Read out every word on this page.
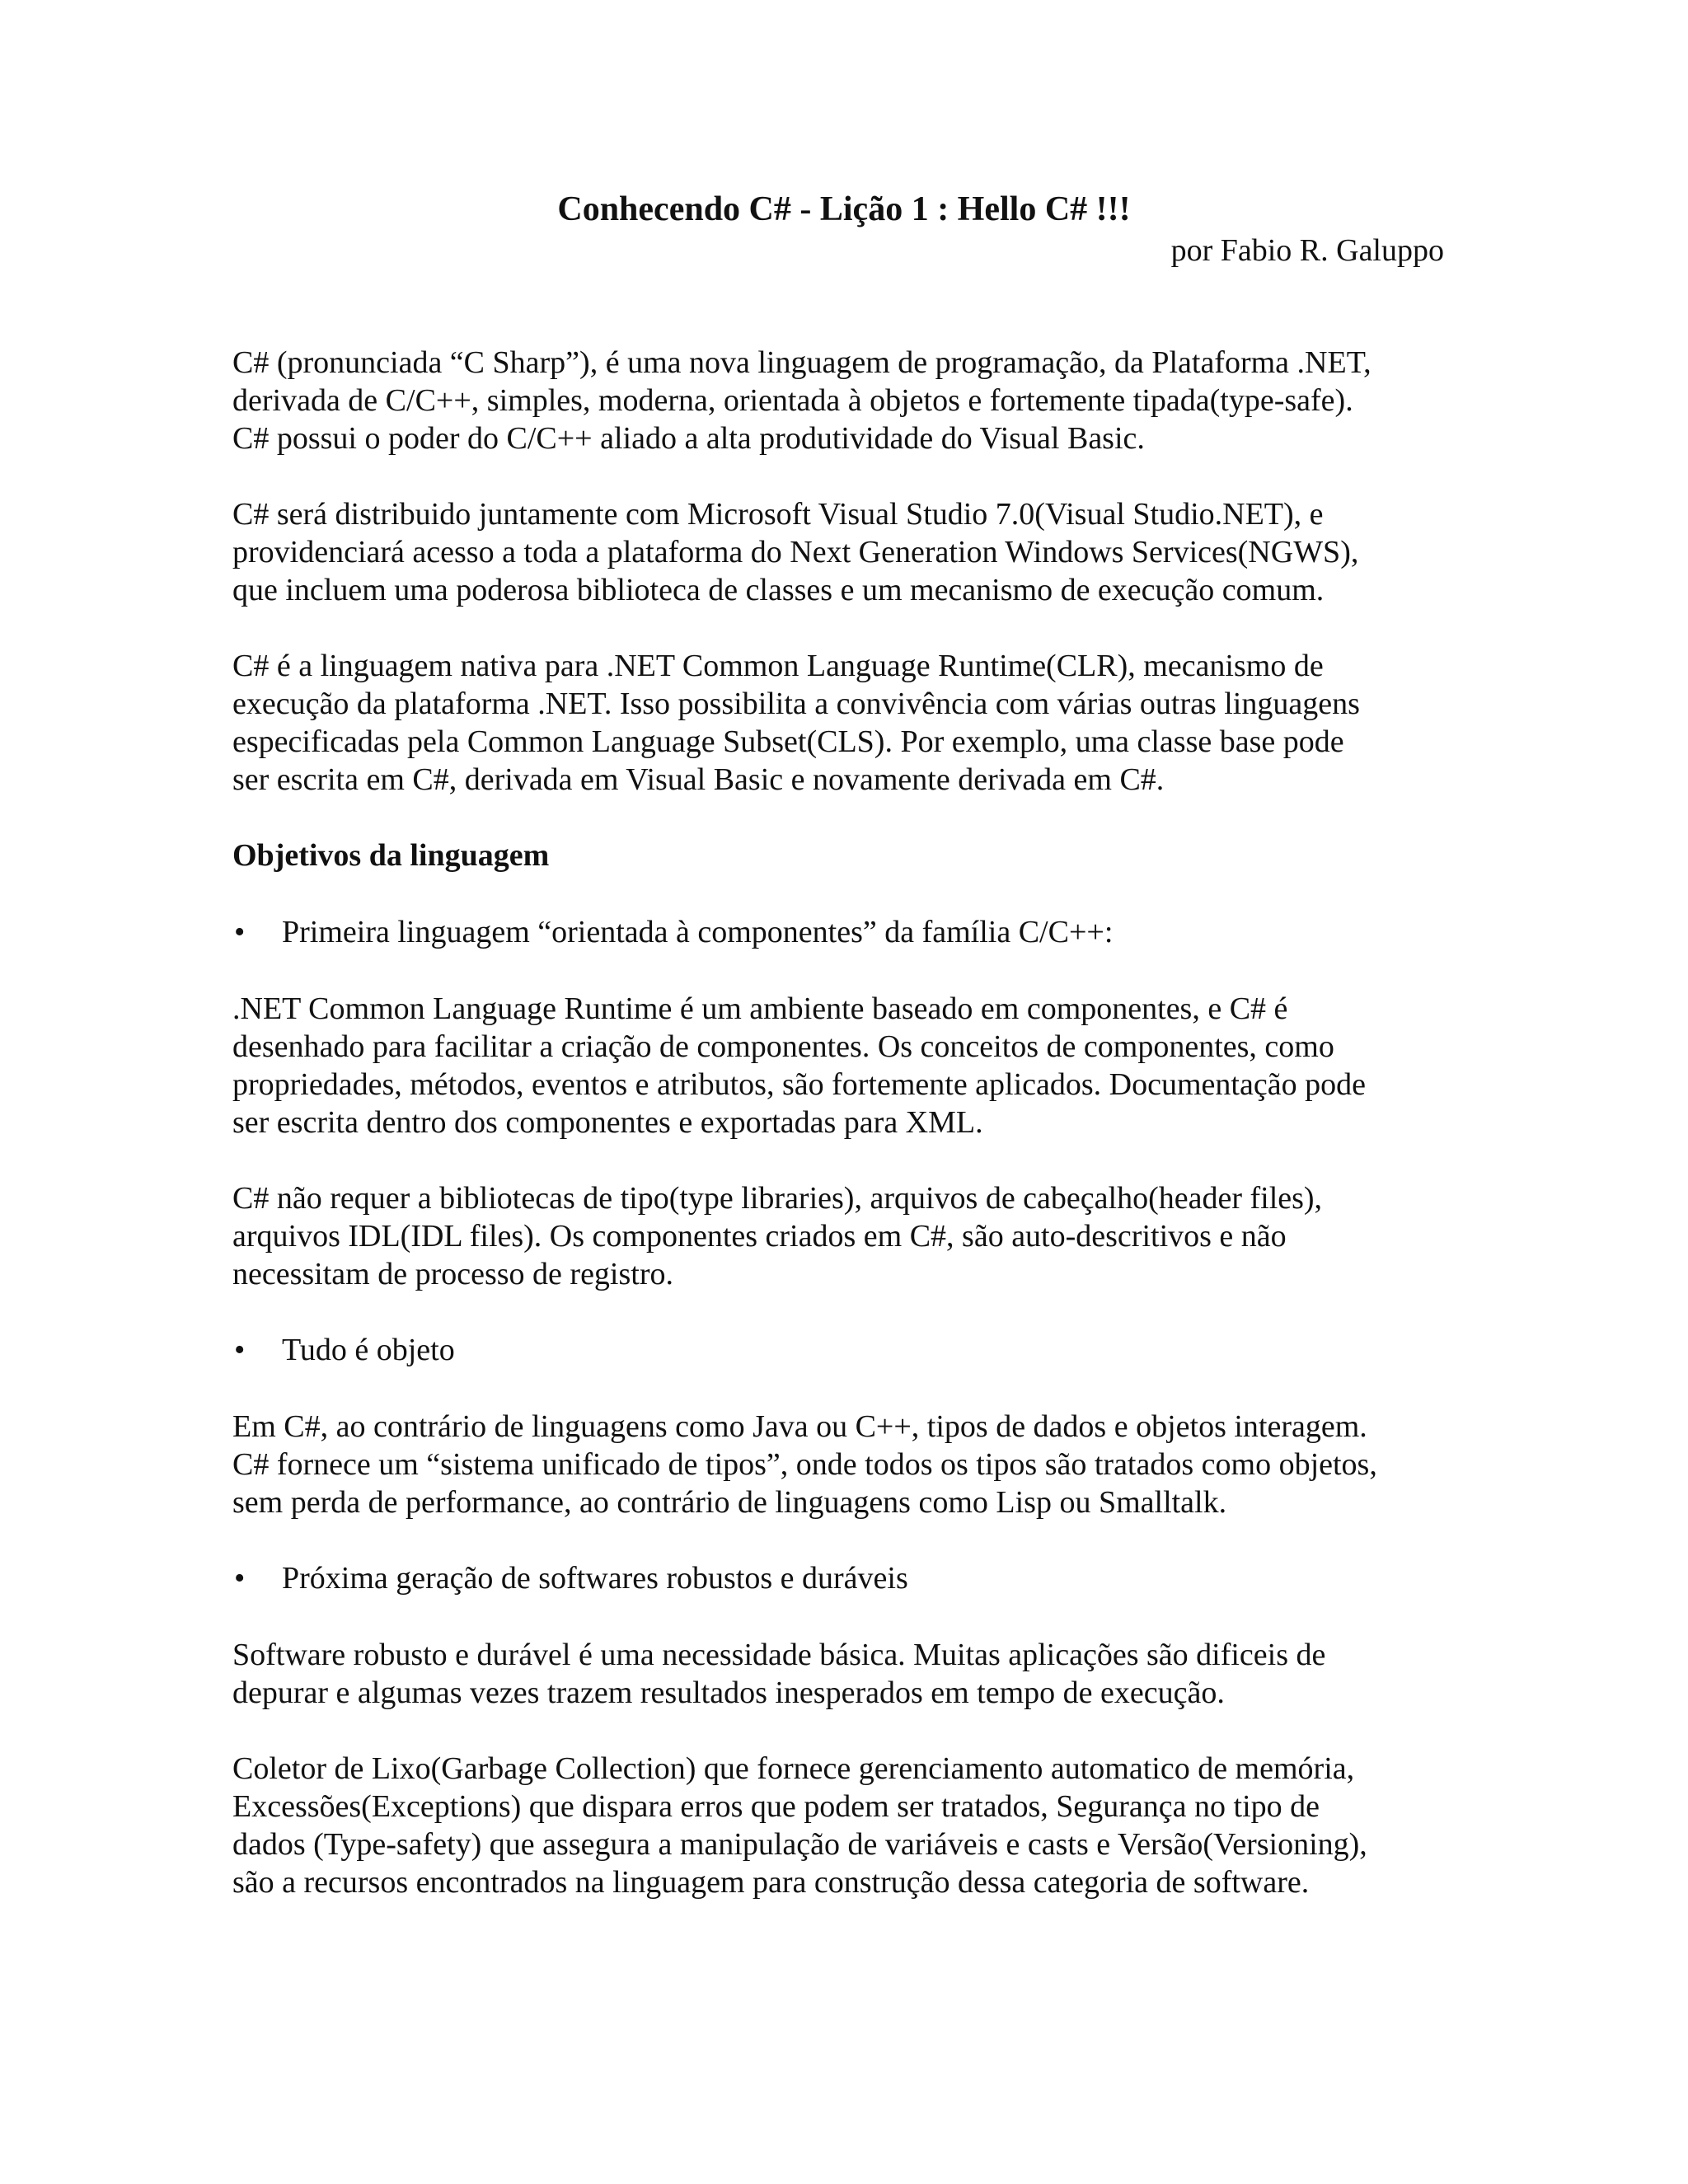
Conhecendo C# - Lição 1 : Hello C# !!!

por Fabio R. Galuppo

C# (pronunciada “C Sharp”), é uma nova linguagem de programação, da Plataforma .NET,
derivada de C/C++, simples, moderna, orientada à objetos e fortemente tipada(type-safe).
C# possui o poder do C/C++ aliado a alta produtividade do Visual Basic.

C# será distribuido juntamente com Microsoft Visual Studio 7.0(Visual Studio.NET), e
providenciará acesso a toda a plataforma do Next Generation Windows Services(NGWS),
que incluem uma poderosa biblioteca de classes e um mecanismo de execução comum.

C# é a linguagem nativa para .NET Common Language Runtime(CLR), mecanismo de
execução da plataforma .NET. Isso possibilita a convivência com várias outras linguagens
especificadas pela Common Language Subset(CLS). Por exemplo, uma classe base pode
ser escrita em C#, derivada em Visual Basic e novamente derivada em C#.

Objetivos da linguagem
• Primeira linguagem “orientada à componentes” da família C/C++:

.NET Common Language Runtime é um ambiente baseado em componentes, e C# é
desenhado para facilitar a criação de componentes. Os conceitos de componentes, como
propriedades, métodos, eventos e atributos, são fortemente aplicados. Documentação pode
ser escrita dentro dos componentes e exportadas para XML.

C# não requer a bibliotecas de tipo(type libraries), arquivos de cabeçalho(header files),
arquivos IDL(IDL files). Os componentes criados em C#, são auto-descritivos e não
necessitam de processo de registro.

• Tudo é objeto

Em C#, ao contrário de linguagens como Java ou C++, tipos de dados e objetos interagem.
C# fornece um “sistema unificado de tipos”, onde todos os tipos são tratados como objetos,
sem perda de performance, ao contrário de linguagens como Lisp ou Smalltalk.

• Próxima geração de softwares robustos e duráveis

Software robusto e durável é uma necessidade básica. Muitas aplicações são dificeis de
depurar e algumas vezes trazem resultados inesperados em tempo de execução.

Coletor de Lixo(Garbage Collection) que fornece gerenciamento automatico de memória,
Excessões(Exceptions) que dispara erros que podem ser tratados, Segurança no tipo de
dados (Type-safety) que assegura a manipulação de variáveis e casts e Versão(Versioning),
são a recursos encontrados na linguagem para construção dessa categoria de software.
